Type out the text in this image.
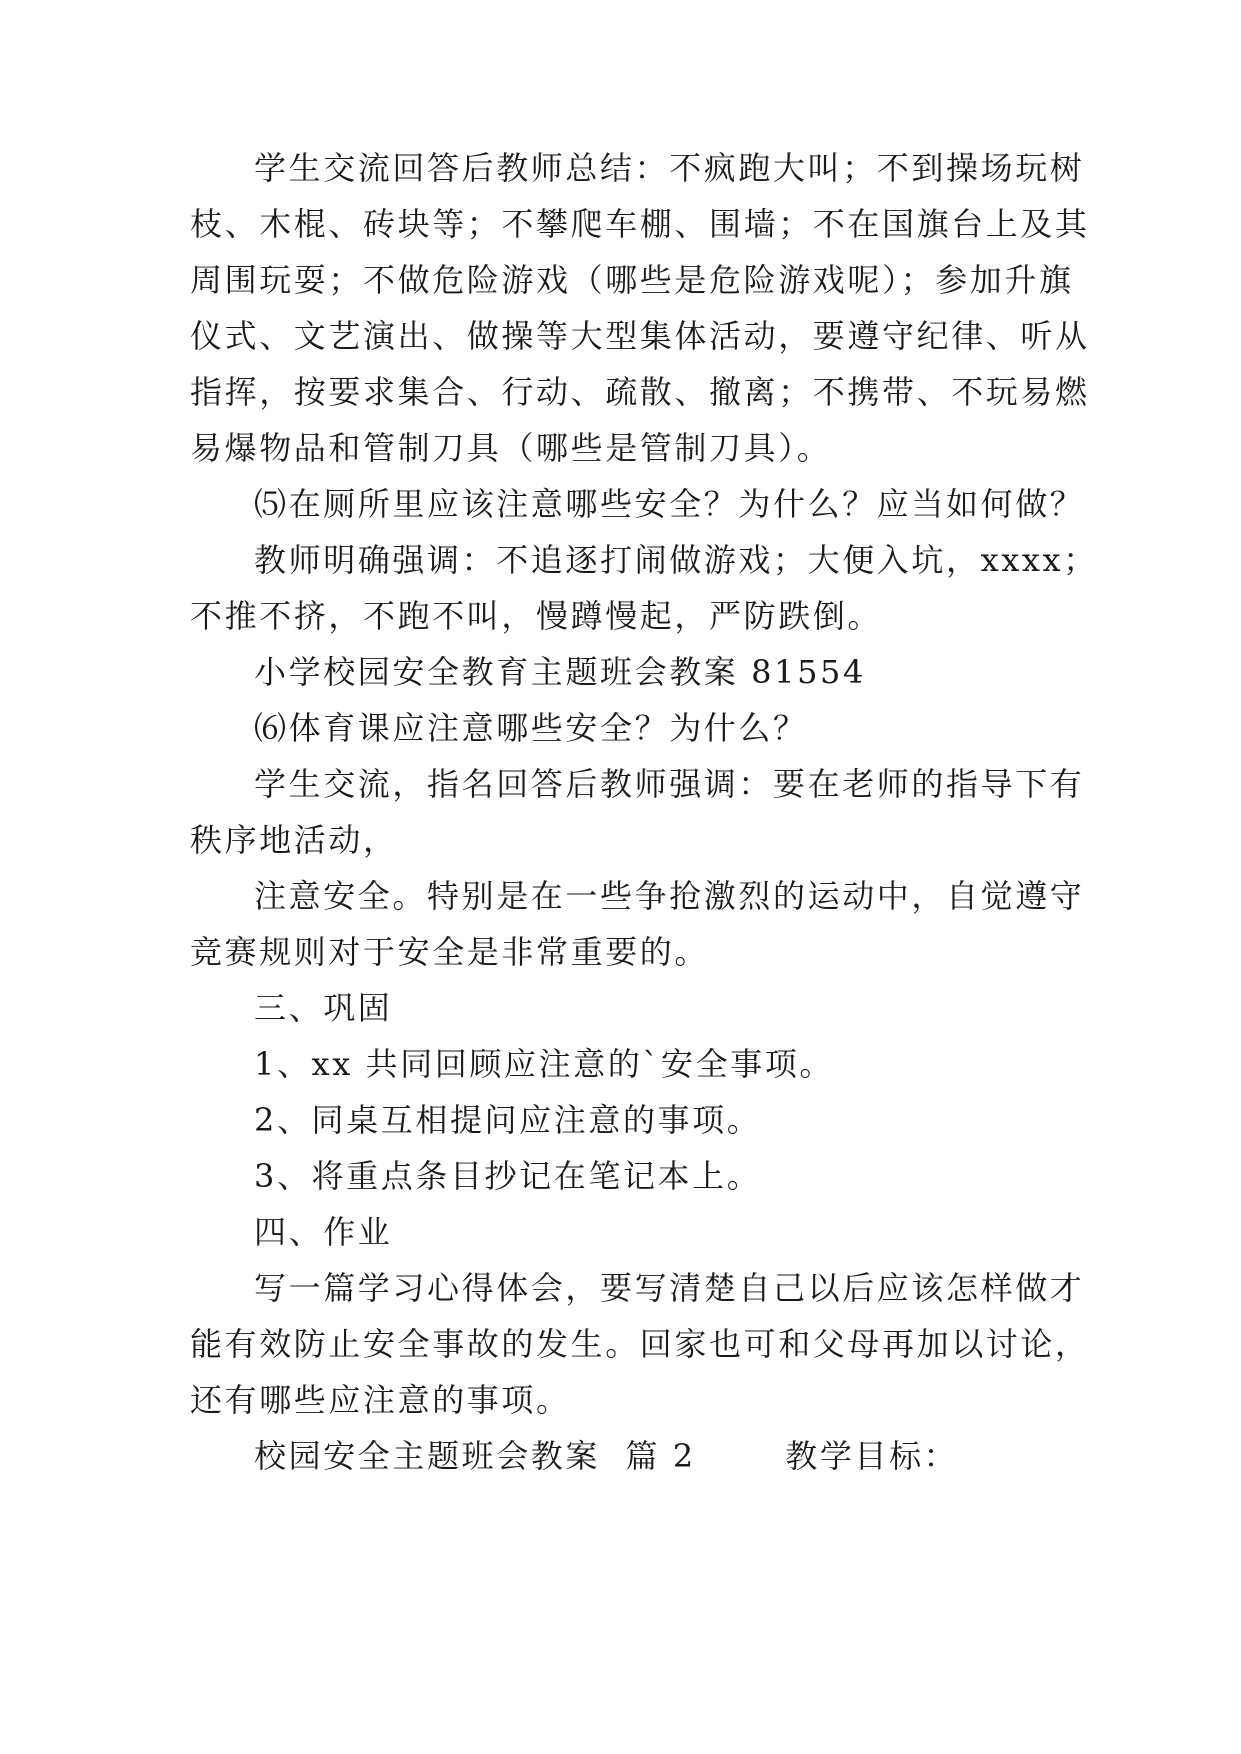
学生交流回答后教师总结：不疯跑大叫；不到操场玩树
枝、木棍、砖块等；不攀爬车棚、围墙；不在国旗台上及其
周围玩耍；不做危险游戏（哪些是危险游戏呢）；参加升旗
仪式、文艺演出、做操等大型集体活动，要遵守纪律、听从
指挥，按要求集合、行动、疏散、撤离；不携带、不玩易燃
易爆物品和管制刀具（哪些是管制刀具）。
⑸在厕所里应该注意哪些安全？为什么？应当如何做？
教师明确强调：不追逐打闹做游戏；大便入坑，xxxx；
不推不挤，不跑不叫，慢蹲慢起，严防跌倒。
小学校园安全教育主题班会教案 81554
⑹体育课应注意哪些安全？为什么？
学生交流，指名回答后教师强调：要在老师的指导下有
秩序地活动，
注意安全。特别是在一些争抢激烈的运动中，自觉遵守
竞赛规则对于安全是非常重要的。
三、巩固
1、xx 共同回顾应注意的`安全事项。
2、同桌互相提问应注意的事项。
3、将重点条目抄记在笔记本上。
四、作业
写一篇学习心得体会，要写清楚自己以后应该怎样做才
能有效防止安全事故的发生。回家也可和父母再加以讨论，
还有哪些应注意的事项。
校园安全主题班会教案  篇 2       教学目标：
